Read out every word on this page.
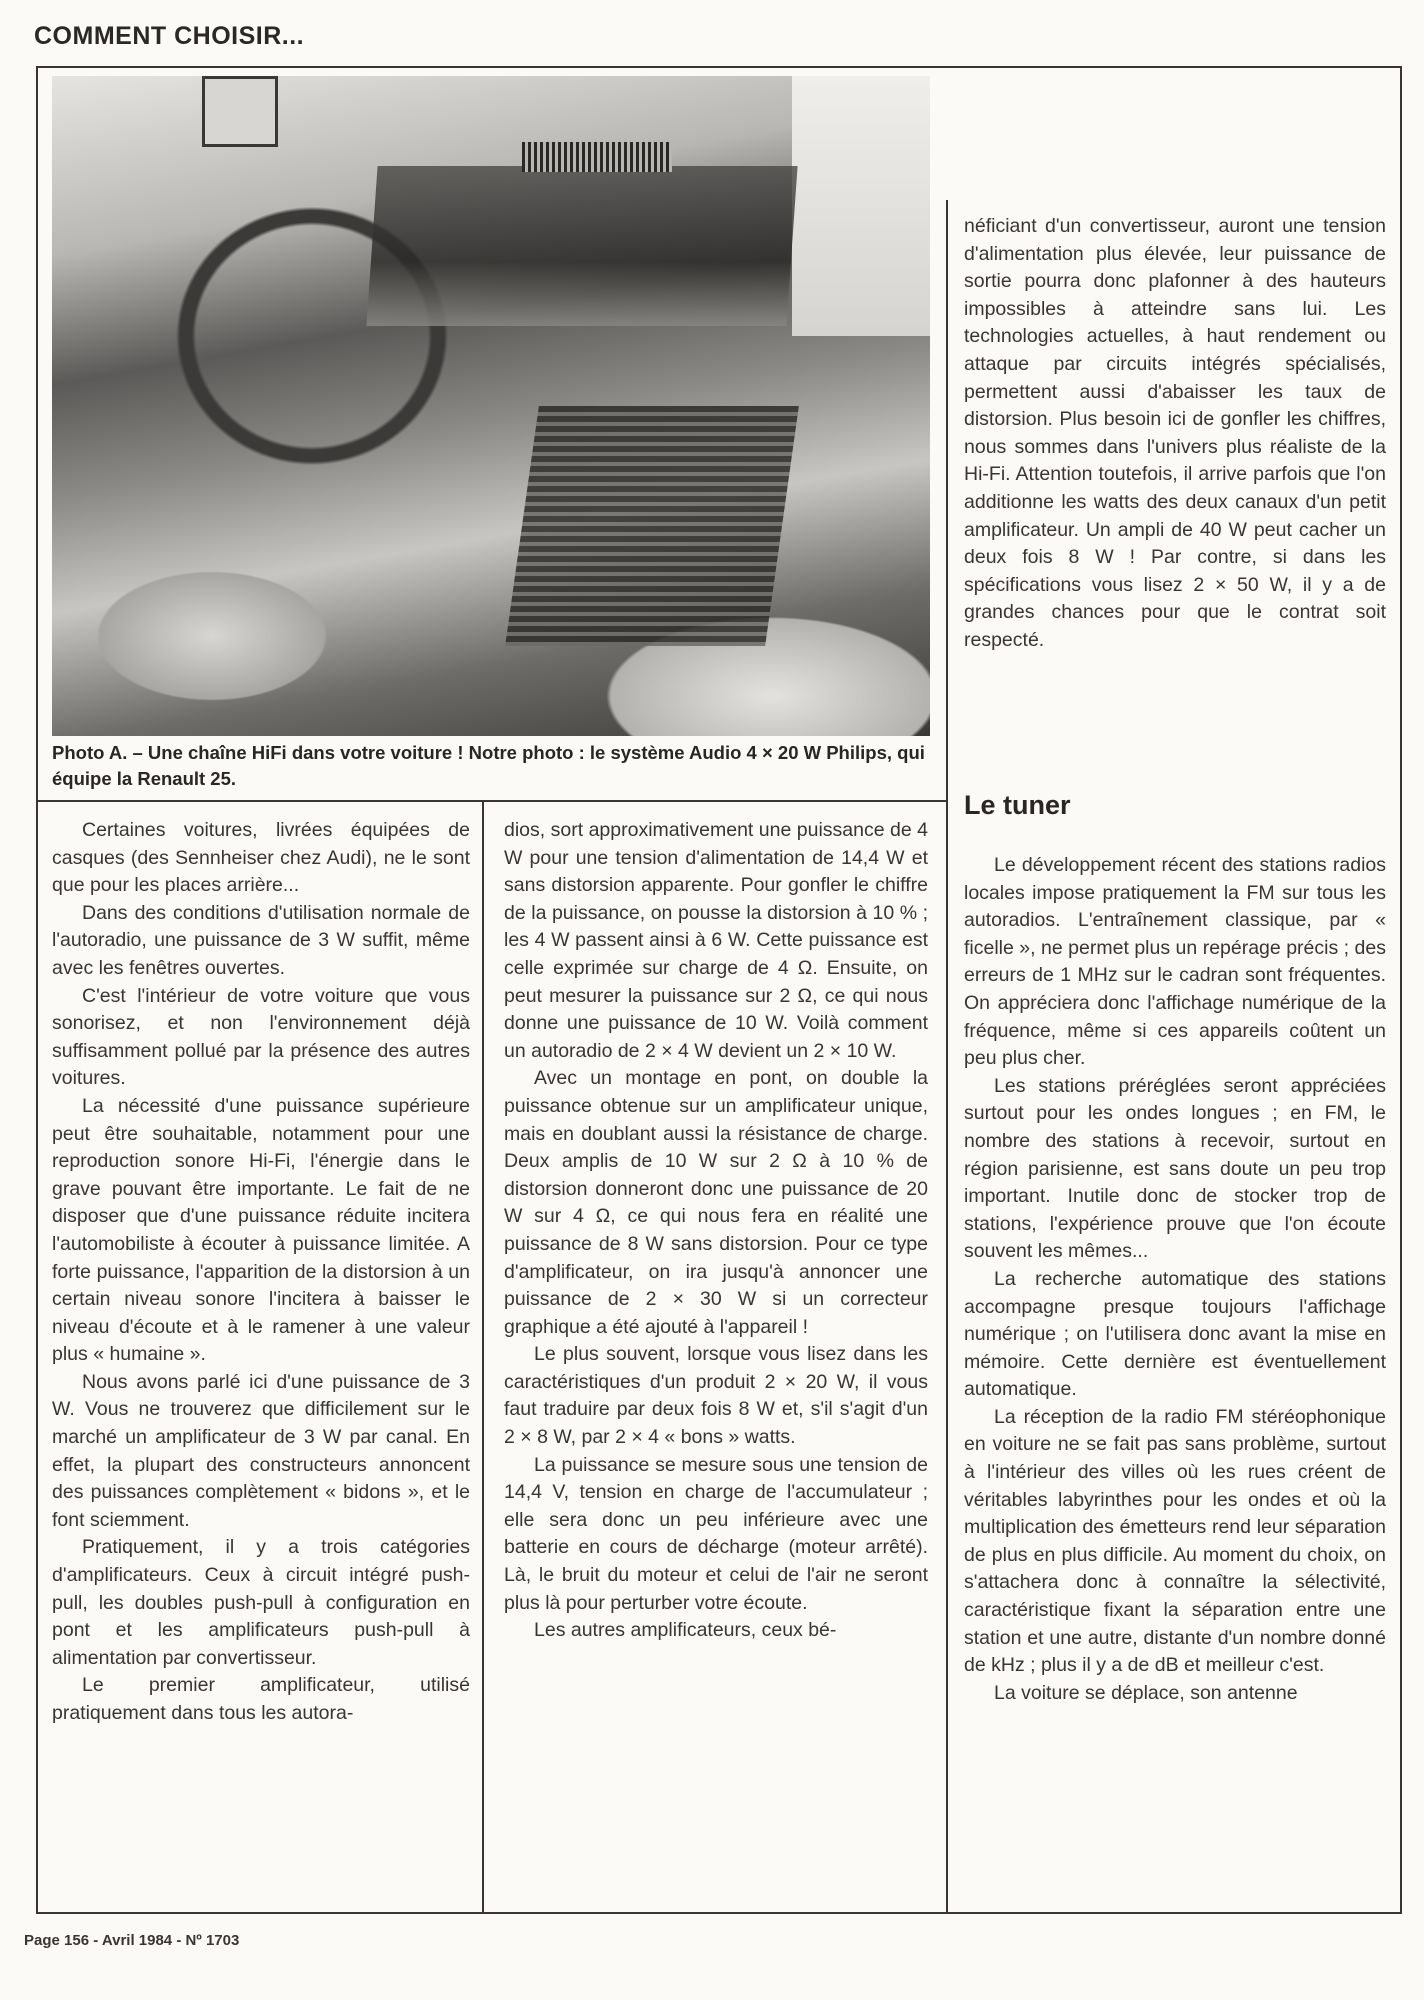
COMMENT CHOISIR...
Photo A. – Une chaîne HiFi dans votre voiture ! Notre photo : le système Audio 4 × 20 W Philips, qui équipe la Renault 25.

Certaines voitures, livrées équipées de casques (des Sennheiser chez Audi), ne le sont que pour les places arrière...

Dans des conditions d'utilisation normale de l'autoradio, une puissance de 3 W suffit, même avec les fenêtres ouvertes.

C'est l'intérieur de votre voiture que vous sonorisez, et non l'environnement déjà suffisamment pollué par la présence des autres voitures.

La nécessité d'une puissance supérieure peut être souhaitable, notamment pour une reproduction sonore Hi-Fi, l'énergie dans le grave pouvant être importante. Le fait de ne disposer que d'une puissance réduite incitera l'automobiliste à écouter à puissance limitée. A forte puissance, l'apparition de la distorsion à un certain niveau sonore l'incitera à baisser le niveau d'écoute et à le ramener à une valeur plus « humaine ».

Nous avons parlé ici d'une puissance de 3 W. Vous ne trouverez que difficilement sur le marché un amplificateur de 3 W par canal. En effet, la plupart des constructeurs annoncent des puissances complètement « bidons », et le font sciemment.

Pratiquement, il y a trois catégories d'amplificateurs. Ceux à circuit intégré push-pull, les doubles push-pull à configuration en pont et les amplificateurs push-pull à alimentation par convertisseur.

Le premier amplificateur, utilisé pratiquement dans tous les autora-

dios, sort approximativement une puissance de 4 W pour une tension d'alimentation de 14,4 W et sans distorsion apparente. Pour gonfler le chiffre de la puissance, on pousse la distorsion à 10 % ; les 4 W passent ainsi à 6 W. Cette puissance est celle exprimée sur charge de 4 Ω. Ensuite, on peut mesurer la puissance sur 2 Ω, ce qui nous donne une puissance de 10 W. Voilà comment un autoradio de 2 × 4 W devient un 2 × 10 W.

Avec un montage en pont, on double la puissance obtenue sur un amplificateur unique, mais en doublant aussi la résistance de charge. Deux amplis de 10 W sur 2 Ω à 10 % de distorsion donneront donc une puissance de 20 W sur 4 Ω, ce qui nous fera en réalité une puissance de 8 W sans distorsion. Pour ce type d'amplificateur, on ira jusqu'à annoncer une puissance de 2 × 30 W si un correcteur graphique a été ajouté à l'appareil !

Le plus souvent, lorsque vous lisez dans les caractéristiques d'un produit 2 × 20 W, il vous faut traduire par deux fois 8 W et, s'il s'agit d'un 2 × 8 W, par 2 × 4 « bons » watts.

La puissance se mesure sous une tension de 14,4 V, tension en charge de l'accumulateur ; elle sera donc un peu inférieure avec une batterie en cours de décharge (moteur arrêté). Là, le bruit du moteur et celui de l'air ne seront plus là pour perturber votre écoute.

Les autres amplificateurs, ceux bé-

néficiant d'un convertisseur, auront une tension d'alimentation plus élevée, leur puissance de sortie pourra donc plafonner à des hauteurs impossibles à atteindre sans lui. Les technologies actuelles, à haut rendement ou attaque par circuits intégrés spécialisés, permettent aussi d'abaisser les taux de distorsion. Plus besoin ici de gonfler les chiffres, nous sommes dans l'univers plus réaliste de la Hi-Fi. Attention toutefois, il arrive parfois que l'on additionne les watts des deux canaux d'un petit amplificateur. Un ampli de 40 W peut cacher un deux fois 8 W ! Par contre, si dans les spécifications vous lisez 2 × 50 W, il y a de grandes chances pour que le contrat soit respecté.

Le tuner

Le développement récent des stations radios locales impose pratiquement la FM sur tous les autoradios. L'entraînement classique, par « ficelle », ne permet plus un repérage précis ; des erreurs de 1 MHz sur le cadran sont fréquentes. On appréciera donc l'affichage numérique de la fréquence, même si ces appareils coûtent un peu plus cher.

Les stations préréglées seront appréciées surtout pour les ondes longues ; en FM, le nombre des stations à recevoir, surtout en région parisienne, est sans doute un peu trop important. Inutile donc de stocker trop de stations, l'expérience prouve que l'on écoute souvent les mêmes...

La recherche automatique des stations accompagne presque toujours l'affichage numérique ; on l'utilisera donc avant la mise en mémoire. Cette dernière est éventuellement automatique.

La réception de la radio FM stéréophonique en voiture ne se fait pas sans problème, surtout à l'intérieur des villes où les rues créent de véritables labyrinthes pour les ondes et où la multiplication des émetteurs rend leur séparation de plus en plus difficile. Au moment du choix, on s'attachera donc à connaître la sélectivité, caractéristique fixant la séparation entre une station et une autre, distante d'un nombre donné de kHz ; plus il y a de dB et meilleur c'est.

La voiture se déplace, son antenne

Page 156 - Avril 1984 - Nº 1703
